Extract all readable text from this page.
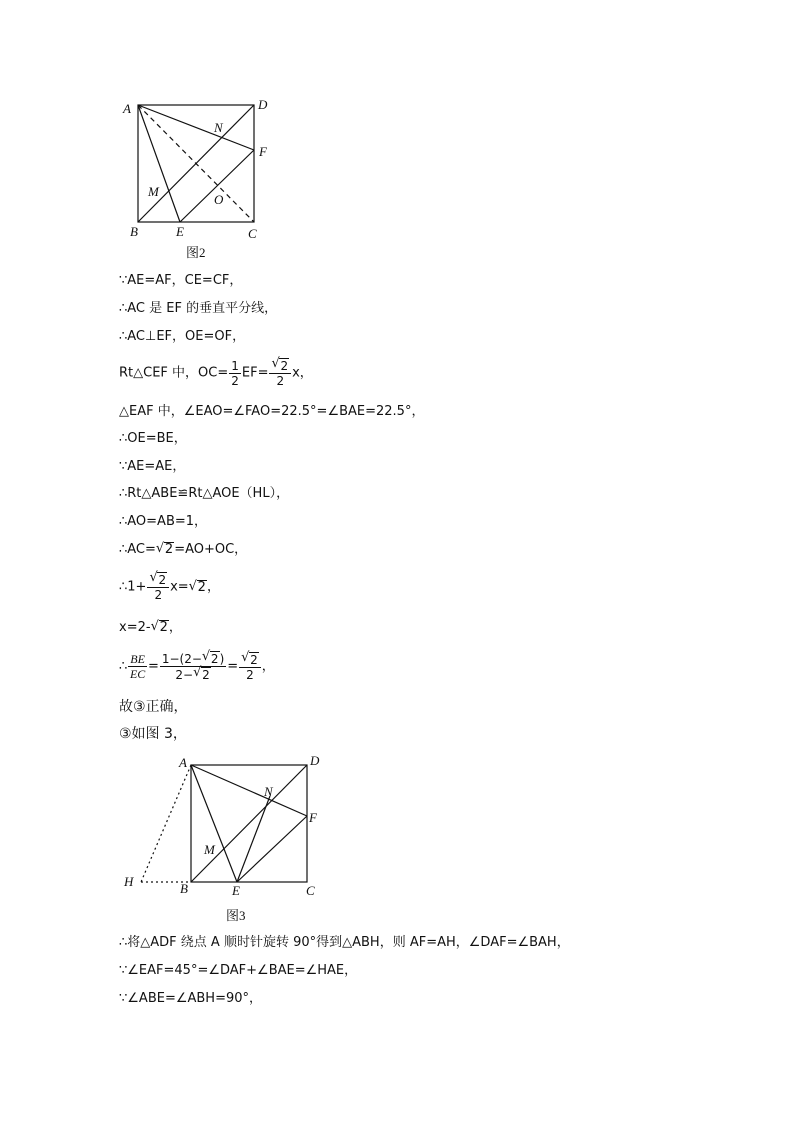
A	D
N
F
M
O
B	E	C
图2
∵AE=AF，CE=CF，
∴AC 是 EF 的垂直平分线，
∴AC⊥EF，OE=OF，
Rt△CEF 中，$OC= \frac{1}{2} EF=$
√ $\frac{2}{2}$ x，
△EAF 中，∠EAO=∠FAO=22.5°=∠BAE=22.5°，
∴OE=BE，
∵AE=AE，
∴Rt△ABE≌Rt△AOE（HL），
∴AO=AB=1，
∴AC=√ 2=AO+OC，
∴1+
√ $\frac{2}{2} x=√$ 2，
x=2-√ 2，
∴ $\frac{BE}{EC} = \frac{1-(2-√ 2)}{2-√ 2}$ =
√ $\frac{2}{2}$ ，
故③正确，
③如图 3，
A	D
N
F
M
H	B	E	C
图3
∴将△ADF 绕点 A 顺时针旋转 90°得到△ABH，则 AF=AH，∠DAF=∠BAH，
∵∠EAF=45°=∠DAF+∠BAE=∠HAE，
∵∠ABE=∠ABH=90°，
